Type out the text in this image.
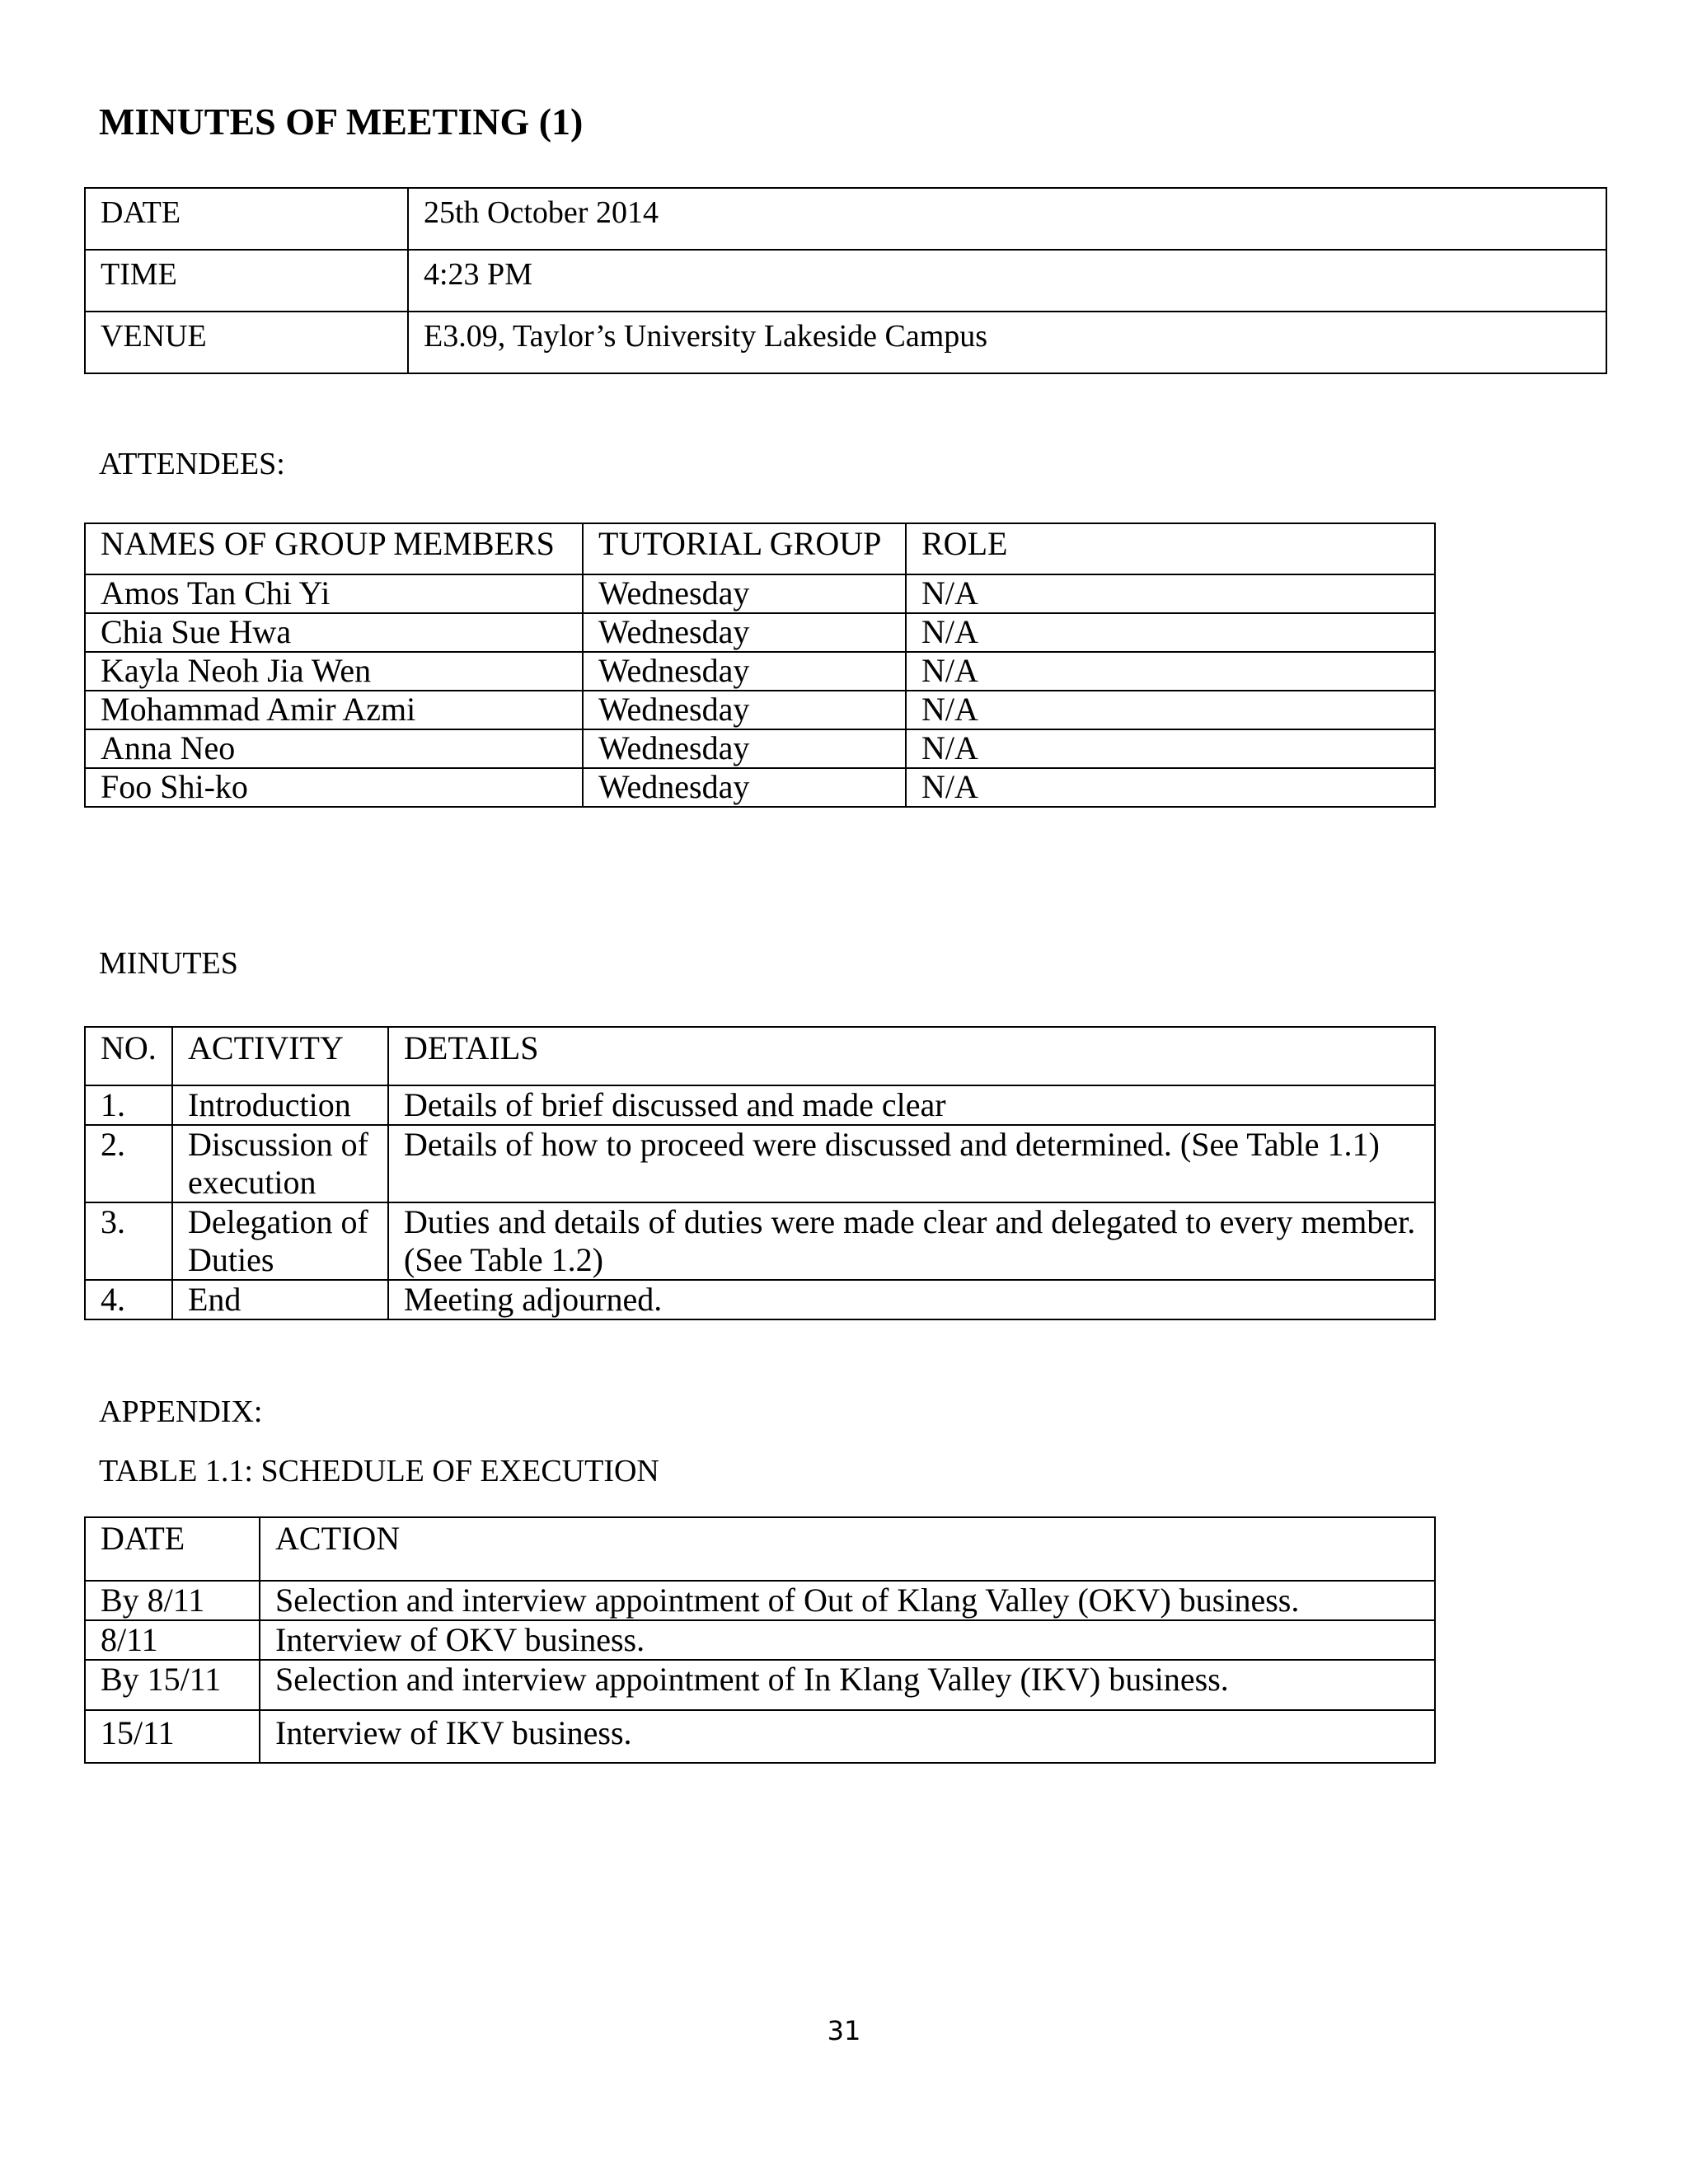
MINUTES OF MEETING (1)
DATE	25th October 2014
TIME	4:23 PM
VENUE	E3.09, Taylor’s University Lakeside Campus
ATTENDEES:
NAMES OF GROUP MEMBERS	TUTORIAL GROUP	ROLE
Amos Tan Chi Yi	Wednesday	N/A
Chia Sue Hwa	Wednesday	N/A
Kayla Neoh Jia Wen	Wednesday	N/A
Mohammad Amir Azmi	Wednesday	N/A
Anna Neo	Wednesday	N/A
Foo Shi-ko	Wednesday	N/A
MINUTES
NO.	ACTIVITY	DETAILS
1.	Introduction	Details of brief discussed and made clear
2.	Discussion of execution	Details of how to proceed were discussed and determined. (See Table 1.1)
3.	Delegation of Duties	Duties and details of duties were made clear and delegated to every member. (See Table 1.2)
4.	End	Meeting adjourned.
APPENDIX:
TABLE 1.1: SCHEDULE OF EXECUTION
DATE	ACTION
By 8/11	Selection and interview appointment of Out of Klang Valley (OKV) business.
8/11	Interview of OKV business.
By 15/11	Selection and interview appointment of In Klang Valley (IKV) business.
15/11	Interview of IKV business.
31
